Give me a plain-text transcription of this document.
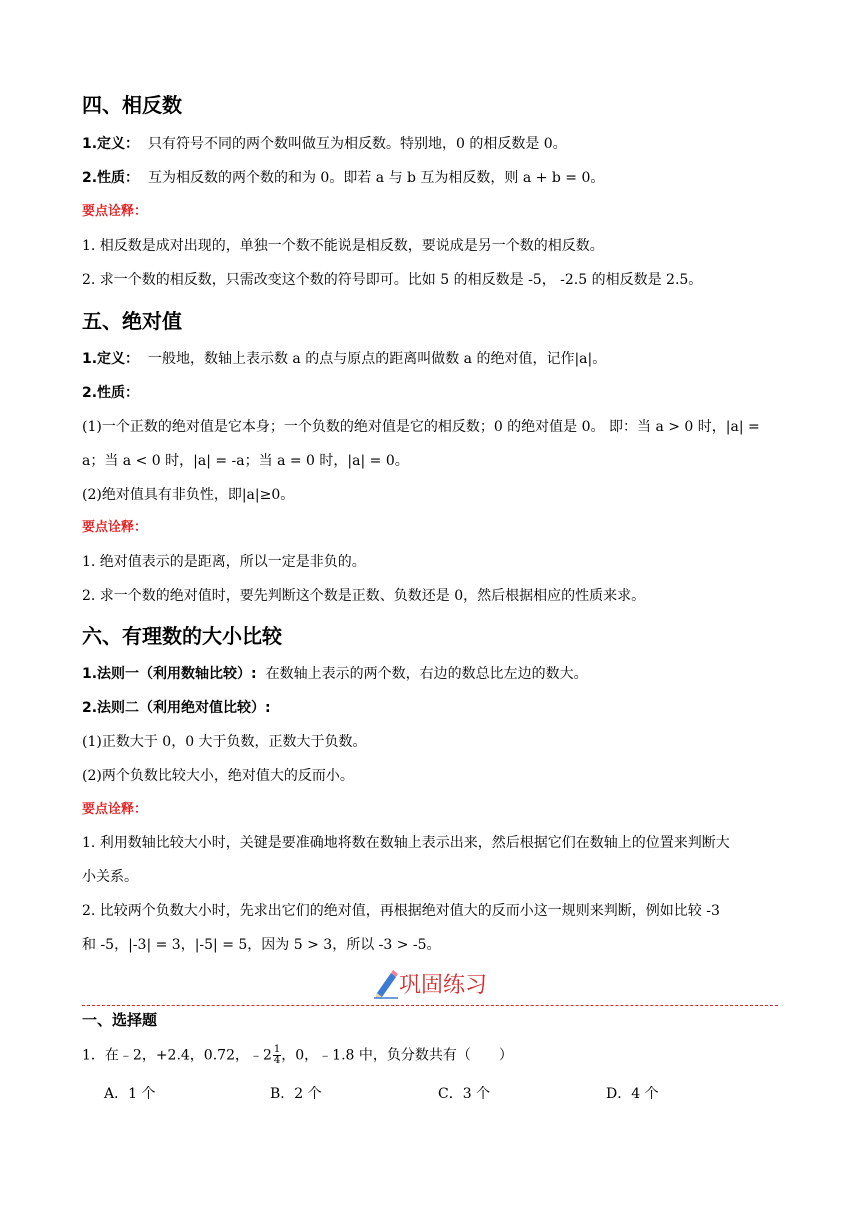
四、相反数
1.定义： 只有符号不同的两个数叫做互为相反数。特别地，0 的相反数是 0。
2.性质： 互为相反数的两个数的和为 0。即若 a 与 b 互为相反数，则 a + b = 0。
要点诠释：
1. 相反数是成对出现的，单独一个数不能说是相反数，要说成是另一个数的相反数。
2. 求一个数的相反数，只需改变这个数的符号即可。比如 5 的相反数是 -5， -2.5 的相反数是 2.5。
五、绝对值
1.定义： 一般地，数轴上表示数 a 的点与原点的距离叫做数 a 的绝对值，记作|a|。
2.性质：
(1)一个正数的绝对值是它本身；一个负数的绝对值是它的相反数；0 的绝对值是 0。 即：当 a > 0 时，|a| =
a；当 a < 0 时，|a| = -a；当 a = 0 时，|a| = 0。
(2)绝对值具有非负性，即|a|≥0。
要点诠释：
1. 绝对值表示的是距离，所以一定是非负的。
2. 求一个数的绝对值时，要先判断这个数是正数、负数还是 0，然后根据相应的性质来求。
六、有理数的大小比较
1.法则一（利用数轴比较）: 在数轴上表示的两个数，右边的数总比左边的数大。
2.法则二（利用绝对值比较）:
(1)正数大于 0，0 大于负数，正数大于负数。
(2)两个负数比较大小，绝对值大的反而小。
要点诠释：
1. 利用数轴比较大小时，关键是要准确地将数在数轴上表示出来，然后根据它们在数轴上的位置来判断大
小关系。
2. 比较两个负数大小时，先求出它们的绝对值，再根据绝对值大的反而小这一规则来判断，例如比较 -3
和 -5，|-3| = 3，|-5| = 5，因为 5 > 3，所以 -3 > -5。
巩固练习
一、选择题
1．在﹣2，+2.4，0.72，﹣2 $\frac{1}{4}$ ，0，﹣1.8 中，负分数共有（　　）
A．1 个	B．2 个	C．3 个	D．4 个
